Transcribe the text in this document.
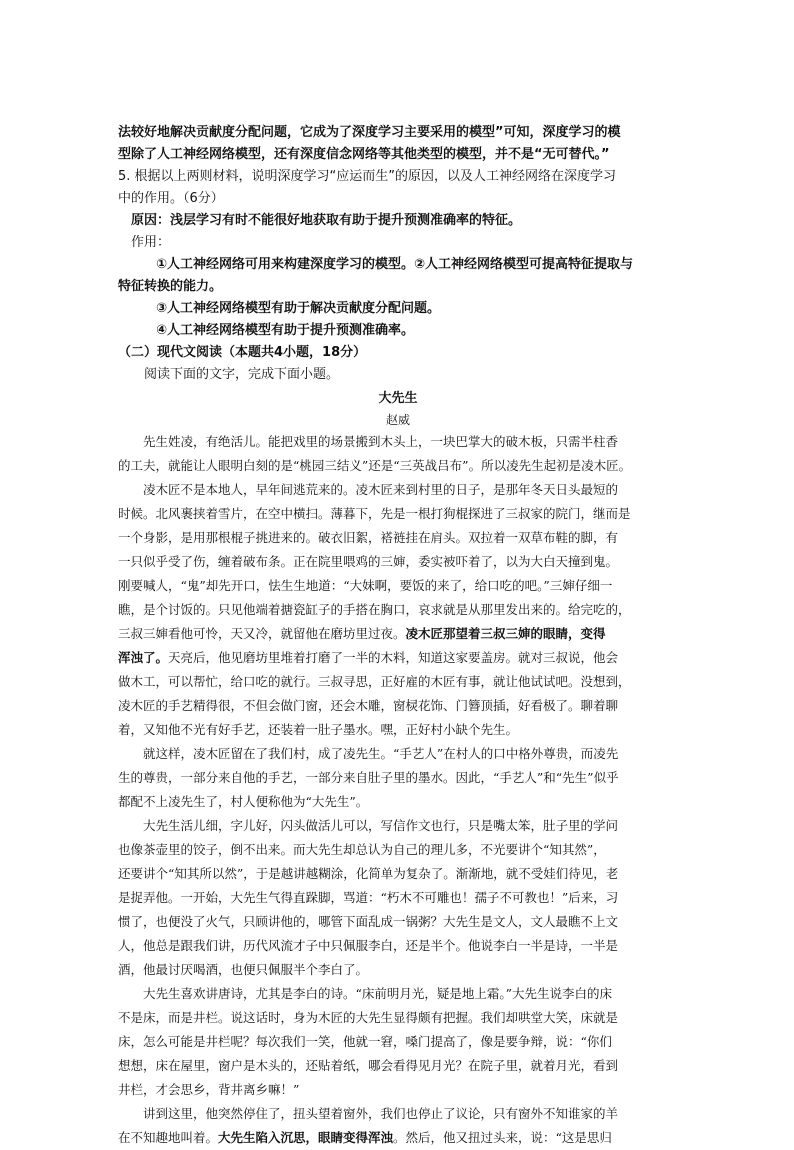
法较好地解决贡献度分配问题，它成为了深度学习主要采用的模型”可知，深度学习的模
型除了人工神经网络模型，还有深度信念网络等其他类型的模型，并不是“无可替代。”
5. 根据以上两则材料，说明深度学习“应运而生”的原因，以及人工神经网络在深度学习
中的作用。（6分）
原因：浅层学习有时不能很好地获取有助于提升预测准确率的特征。
作用：
①人工神经网络可用来构建深度学习的模型。②人工神经网络模型可提高特征提取与
特征转换的能力。
③人工神经网络模型有助于解决贡献度分配问题。
④人工神经网络模型有助于提升预测准确率。
（二）现代文阅读（本题共4小题，18分）
阅读下面的文字，完成下面小题。
大先生
赵威
先生姓凌，有绝活儿。能把戏里的场景搬到木头上，一块巴掌大的破木板，只需半柱香
的工夫，就能让人眼明白刻的是“桃园三结义”还是“三英战吕布”。所以凌先生起初是凌木匠。
凌木匠不是本地人，早年间逃荒来的。凌木匠来到村里的日子，是那年冬天日头最短的
时候。北风裹挟着雪片，在空中横扫。薄暮下，先是一根打狗棍探进了三叔家的院门，继而是
一个身影，是用那根棍子挑进来的。破衣旧絮，褡裢挂在肩头。双拉着一双草布鞋的脚，有
一只似乎受了伤，缠着破布条。正在院里喂鸡的三婶，委实被吓着了，以为大白天撞到鬼。
刚要喊人，“鬼”却先开口，怯生生地道：“大妹啊，要饭的来了，给口吃的吧。”三婶仔细一
瞧，是个讨饭的。只见他端着搪瓷缸子的手搭在胸口，哀求就是从那里发出来的。给完吃的，
三叔三婶看他可怜，天又冷，就留他在磨坊里过夜。凌木匠那望着三叔三婶的眼睛，变得
浑浊了。天亮后，他见磨坊里堆着打磨了一半的木料，知道这家要盖房。就对三叔说，他会
做木工，可以帮忙，给口吃的就行。三叔寻思，正好雇的木匠有事，就让他试试吧。没想到，
凌木匠的手艺精得很，不但会做门窗，还会木雕，窗棂花饰、门簪顶插，好看极了。聊着聊
着，又知他不光有好手艺，还装着一肚子墨水。嘿，正好村小缺个先生。
就这样，凌木匠留在了我们村，成了凌先生。“手艺人”在村人的口中格外尊贵，而凌先
生的尊贵，一部分来自他的手艺，一部分来自肚子里的墨水。因此，“手艺人”和“先生”似乎
都配不上凌先生了，村人便称他为“大先生”。
大先生活儿细，字儿好，闪头做活儿可以，写信作文也行，只是嘴太笨，肚子里的学问
也像茶壶里的饺子，倒不出来。而大先生却总认为自己的理儿多，不光要讲个“知其然”，
还要讲个“知其所以然”，于是越讲越糊涂，化简单为复杂了。渐渐地，就不受娃们待见，老
是捉弄他。一开始，大先生气得直跺脚，骂道：“朽木不可雕也！孺子不可教也！”后来，习
惯了，也便没了火气，只顾讲他的，哪管下面乱成一锅粥？大先生是文人，文人最瞧不上文
人，他总是跟我们讲，历代风流才子中只佩服李白，还是半个。他说李白一半是诗，一半是
酒，他最讨厌喝酒，也便只佩服半个李白了。
大先生喜欢讲唐诗，尤其是李白的诗。“床前明月光，疑是地上霜。”大先生说李白的床
不是床，而是井栏。说这话时，身为木匠的大先生显得颇有把握。我们却哄堂大笑，床就是
床，怎么可能是井栏呢？每次我们一笑，他就一窘，嗓门提高了，像是要争辩，说：“你们
想想，床在屋里，窗户是木头的，还贴着纸，哪会看得见月光？在院子里，就着月光，看到
井栏，才会思乡，背井离乡嘛！”
讲到这里，他突然停住了，扭头望着窗外，我们也停止了议论，只有窗外不知谁家的羊
在不知趣地叫着。大先生陷入沉思，眼睛变得浑浊。然后，他又扭过头来，说：“这是思归
